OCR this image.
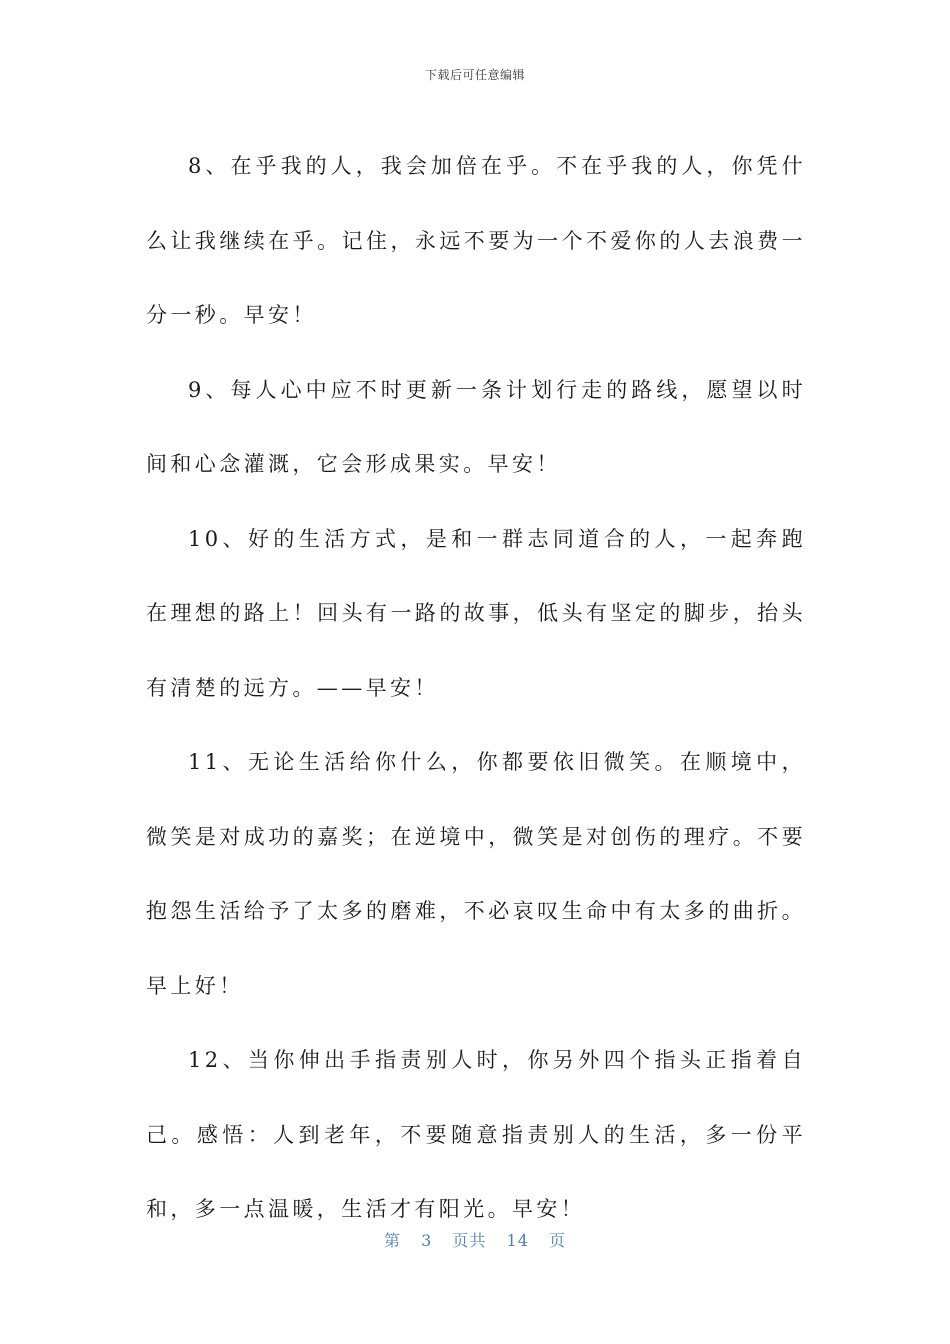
下载后可任意编辑

8、在乎我的人，我会加倍在乎。不在乎我的人，你凭什么让我继续在乎。记住，永远不要为一个不爱你的人去浪费一分一秒。早安！

9、每人心中应不时更新一条计划行走的路线，愿望以时间和心念灌溉，它会形成果实。早安！

10、好的生活方式，是和一群志同道合的人，一起奔跑在理想的路上！回头有一路的故事，低头有坚定的脚步，抬头有清楚的远方。——早安！

11、无论生活给你什么，你都要依旧微笑。在顺境中，微笑是对成功的嘉奖；在逆境中，微笑是对创伤的理疗。不要抱怨生活给予了太多的磨难，不必哀叹生命中有太多的曲折。早上好！

12、当你伸出手指责别人时，你另外四个指头正指着自己。感悟：人到老年，不要随意指责别人的生活，多一份平和，多一点温暖，生活才有阳光。早安！

第 3 页共 14 页
